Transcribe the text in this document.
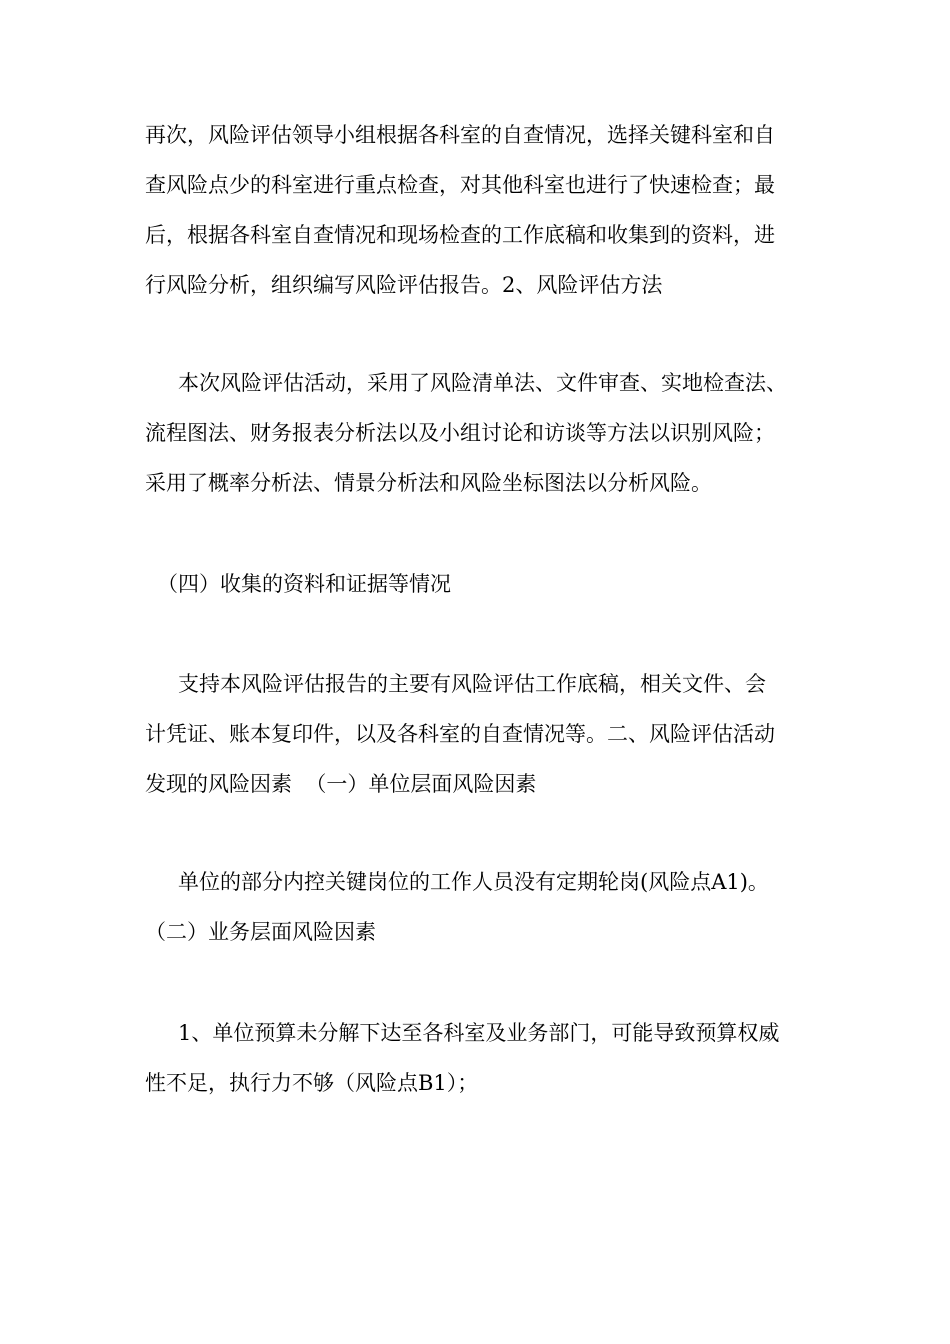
再次，风险评估领导小组根据各科室的自查情况，选择关键科室和自
查风险点少的科室进行重点检查，对其他科室也进行了快速检查；最
后，根据各科室自查情况和现场检查的工作底稿和收集到的资料，进
行风险分析，组织编写风险评估报告。2、风险评估方法
本次风险评估活动，采用了风险清单法、文件审查、实地检查法、
流程图法、财务报表分析法以及小组讨论和访谈等方法以识别风险；
采用了概率分析法、情景分析法和风险坐标图法以分析风险。
（四）收集的资料和证据等情况
支持本风险评估报告的主要有风险评估工作底稿，相关文件、会
计凭证、账本复印件，以及各科室的自查情况等。二、风险评估活动
发现的风险因素  （一）单位层面风险因素
单位的部分内控关键岗位的工作人员没有定期轮岗(风险点A1)。
（二）业务层面风险因素
1、单位预算未分解下达至各科室及业务部门，可能导致预算权威
性不足，执行力不够（风险点B1）；
